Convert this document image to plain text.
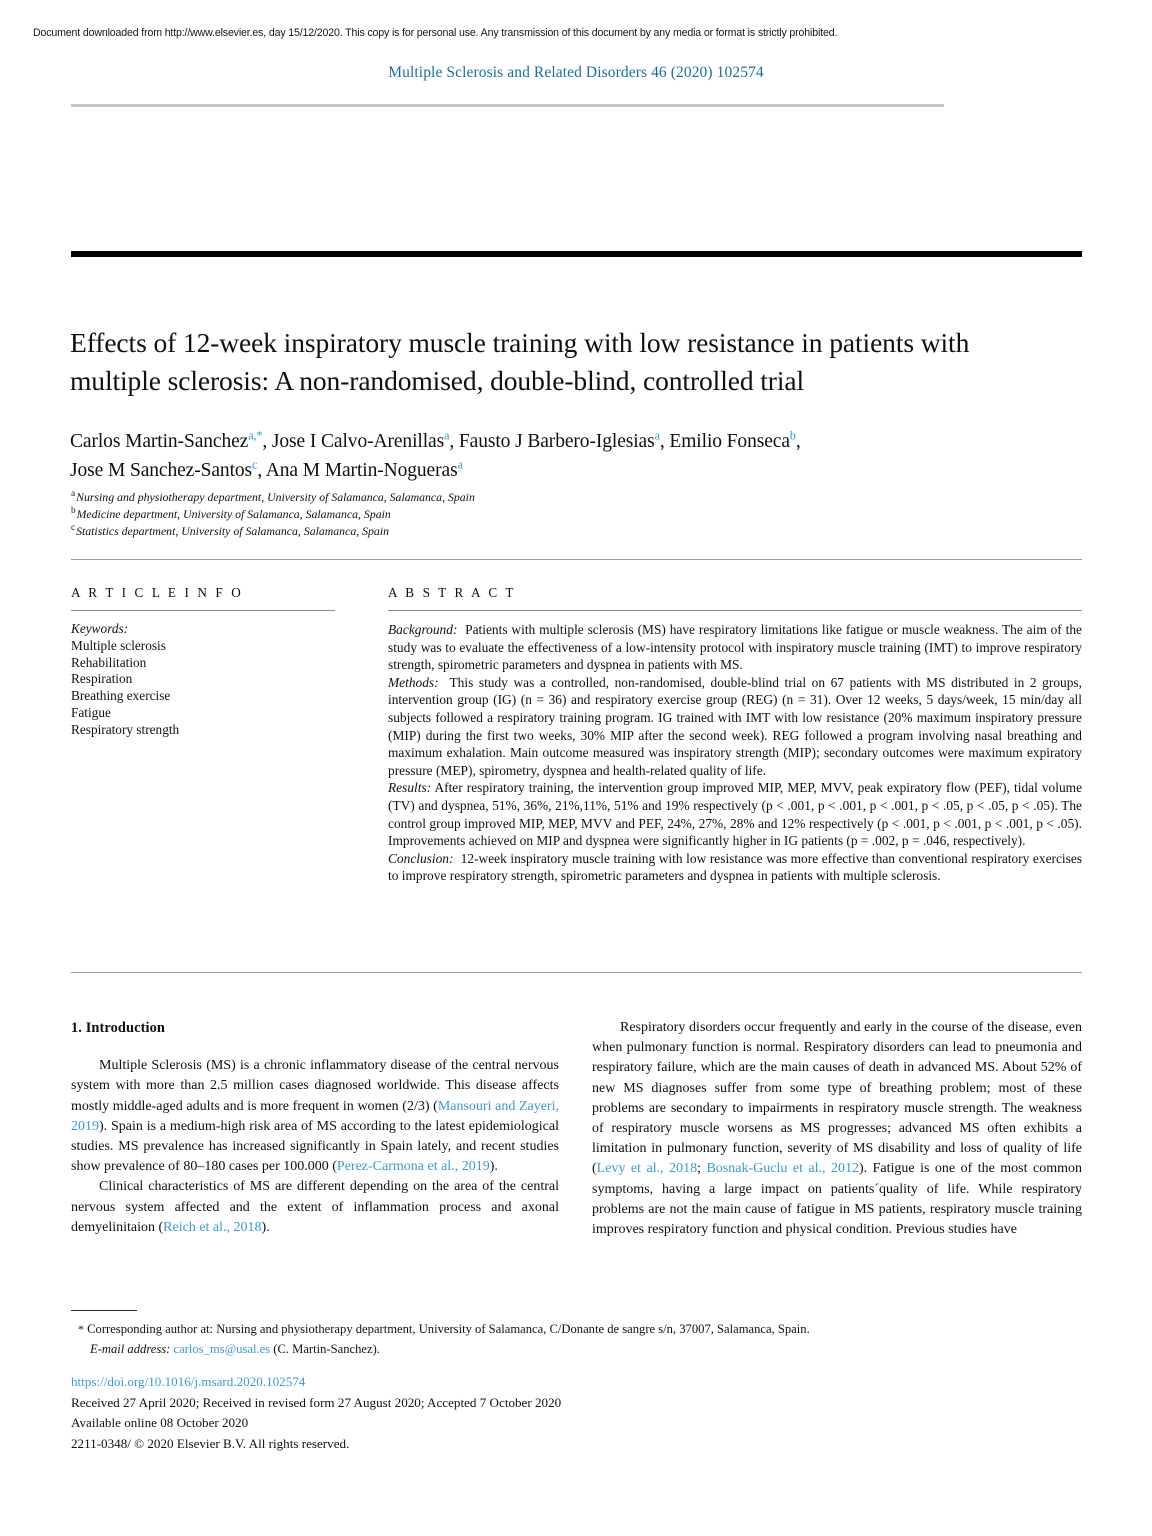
Document downloaded from http://www.elsevier.es, day 15/12/2020. This copy is for personal use. Any transmission of this document by any media or format is strictly prohibited.
Multiple Sclerosis and Related Disorders 46 (2020) 102574
Effects of 12-week inspiratory muscle training with low resistance in patients with multiple sclerosis: A non-randomised, double-blind, controlled trial
Carlos Martin-Sanchez$^{a,*}$, Jose I Calvo-Arenillas$^a$, Fausto J Barbero-Iglesias$^a$, Emilio Fonseca$^b$,
Jose M Sanchez-Santos$^c$, Ana M Martin-Nogueras$^a$
$^a$Nursing and physiotherapy department, University of Salamanca, Salamanca, Spain
$^b$Medicine department, University of Salamanca, Salamanca, Spain
$^c$Statistics department, University of Salamanca, Salamanca, Spain
A R T I C L E I N F O
Keywords:
Multiple sclerosis
Rehabilitation
Respiration
Breathing exercise
Fatigue
Respiratory strength
A B S T R A C T

Background: Patients with multiple sclerosis (MS) have respiratory limitations like fatigue or muscle weakness. The aim of the study was to evaluate the effectiveness of a low-intensity protocol with inspiratory muscle training (IMT) to improve respiratory strength, spirometric parameters and dyspnea in patients with MS.

Methods: This study was a controlled, non-randomised, double-blind trial on 67 patients with MS distributed in 2 groups, intervention group (IG) (n = 36) and respiratory exercise group (REG) (n = 31). Over 12 weeks, 5 days/week, 15 min/day all subjects followed a respiratory training program. IG trained with IMT with low resistance (20% maximum inspiratory pressure (MIP) during the first two weeks, 30% MIP after the second week). REG followed a program involving nasal breathing and maximum exhalation. Main outcome measured was inspiratory strength (MIP); secondary outcomes were maximum expiratory pressure (MEP), spirometry, dyspnea and health-related quality of life.

Results: After respiratory training, the intervention group improved MIP, MEP, MVV, peak expiratory flow (PEF), tidal volume (TV) and dyspnea, 51%, 36%, 21%,11%, 51% and 19% respectively (p < .001, p < .001, p < .001, p < .05, p < .05, p < .05). The control group improved MIP, MEP, MVV and PEF, 24%, 27%, 28% and 12% respectively (p < .001, p < .001, p < .001, p < .05). Improvements achieved on MIP and dyspnea were significantly higher in IG patients (p = .002, p = .046, respectively).

Conclusion: 12-week inspiratory muscle training with low resistance was more effective than conventional respiratory exercises to improve respiratory strength, spirometric parameters and dyspnea in patients with multiple sclerosis.

1. Introduction

Multiple Sclerosis (MS) is a chronic inflammatory disease of the central nervous system with more than 2.5 million cases diagnosed worldwide. This disease affects mostly middle-aged adults and is more frequent in women (2/3) (Mansouri and Zayeri, 2019). Spain is a medium-high risk area of MS according to the latest epidemiological studies. MS prevalence has increased significantly in Spain lately, and recent studies show prevalence of 80–180 cases per 100.000 (Perez-Carmona et al., 2019).

Clinical characteristics of MS are different depending on the area of the central nervous system affected and the extent of inflammation process and axonal demyelinitaion (Reich et al., 2018).

Respiratory disorders occur frequently and early in the course of the disease, even when pulmonary function is normal. Respiratory disorders can lead to pneumonia and respiratory failure, which are the main causes of death in advanced MS. About 52% of new MS diagnoses suffer from some type of breathing problem; most of these problems are secondary to impairments in respiratory muscle strength. The weakness of respiratory muscle worsens as MS progresses; advanced MS often exhibits a limitation in pulmonary function, severity of MS disability and loss of quality of life (Levy et al., 2018; Bosnak-Guclu et al., 2012). Fatigue is one of the most common symptoms, having a large impact on patients´quality of life. While respiratory problems are not the main cause of fatigue in MS patients, respiratory muscle training improves respiratory function and physical condition. Previous studies have

* Corresponding author at: Nursing and physiotherapy department, University of Salamanca, C/Donante de sangre s/n, 37007, Salamanca, Spain.
E-mail address: carlos_ms@usal.es (C. Martin-Sanchez).
https://doi.org/10.1016/j.msard.2020.102574
Received 27 April 2020; Received in revised form 27 August 2020; Accepted 7 October 2020
Available online 08 October 2020
2211-0348/ © 2020 Elsevier B.V. All rights reserved.
